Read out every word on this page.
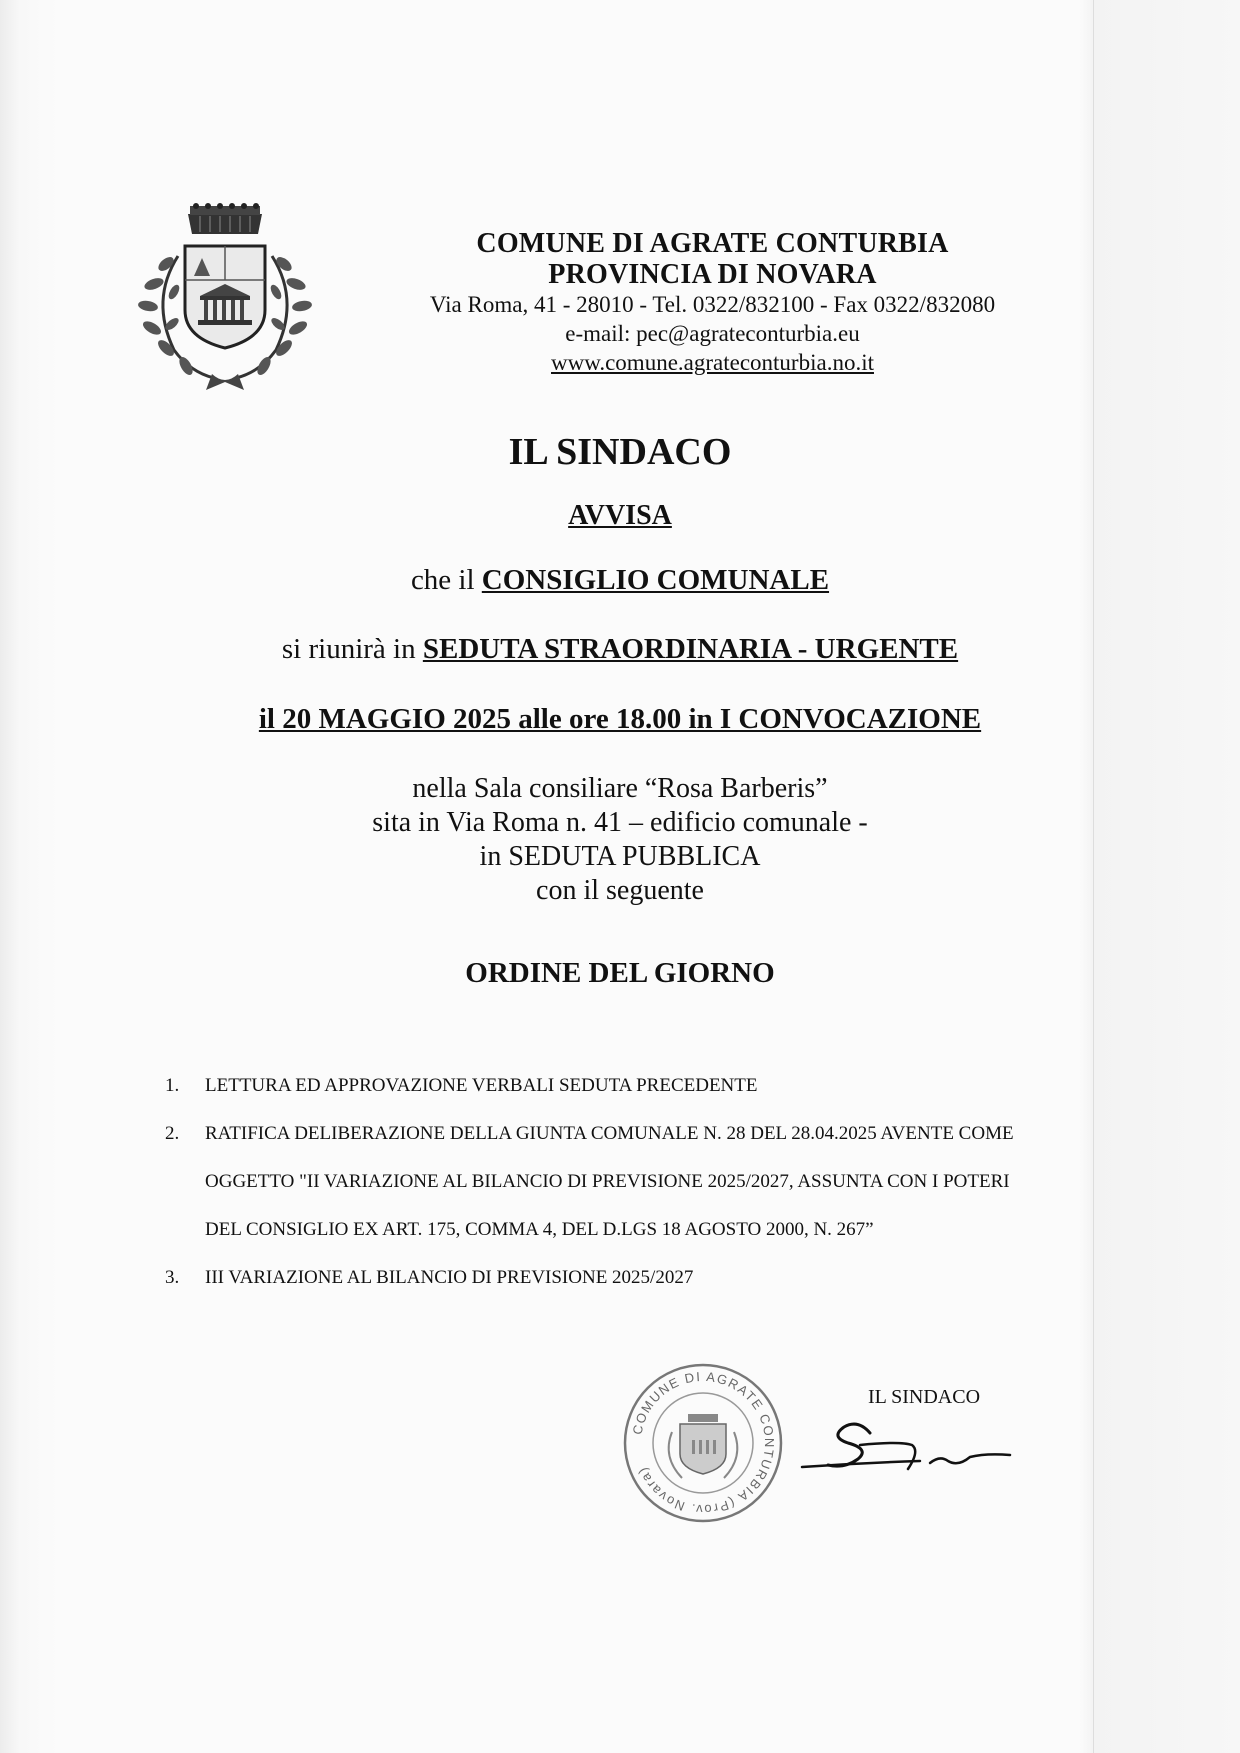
COMUNE DI AGRATE CONTURBIA
PROVINCIA DI NOVARA
Via Roma, 41 - 28010 - Tel. 0322/832100 - Fax 0322/832080
e-mail: pec@agrateconturbia.eu
www.comune.agrateconturbia.no.it
IL SINDACO
AVVISA
che il CONSIGLIO COMUNALE
si riunirà in SEDUTA STRAORDINARIA - URGENTE
il 20 MAGGIO 2025 alle ore 18.00 in I CONVOCAZIONE
nella Sala consiliare “Rosa Barberis”
sita in Via Roma n. 41 – edificio comunale -
in SEDUTA PUBBLICA
con il seguente
ORDINE DEL GIORNO
1.	LETTURA ED APPROVAZIONE VERBALI SEDUTA PRECEDENTE
2.	RATIFICA DELIBERAZIONE DELLA GIUNTA COMUNALE N. 28 DEL 28.04.2025 AVENTE COME
OGGETTO "II VARIAZIONE AL BILANCIO DI PREVISIONE 2025/2027, ASSUNTA CON I POTERI
DEL CONSIGLIO EX ART. 175, COMMA 4, DEL D.LGS 18 AGOSTO 2000, N. 267”
3.	III VARIAZIONE AL BILANCIO DI PREVISIONE 2025/2027
COMUNE DI AGRATE CONTURBIA (Prov. Novara)
IL SINDACO
